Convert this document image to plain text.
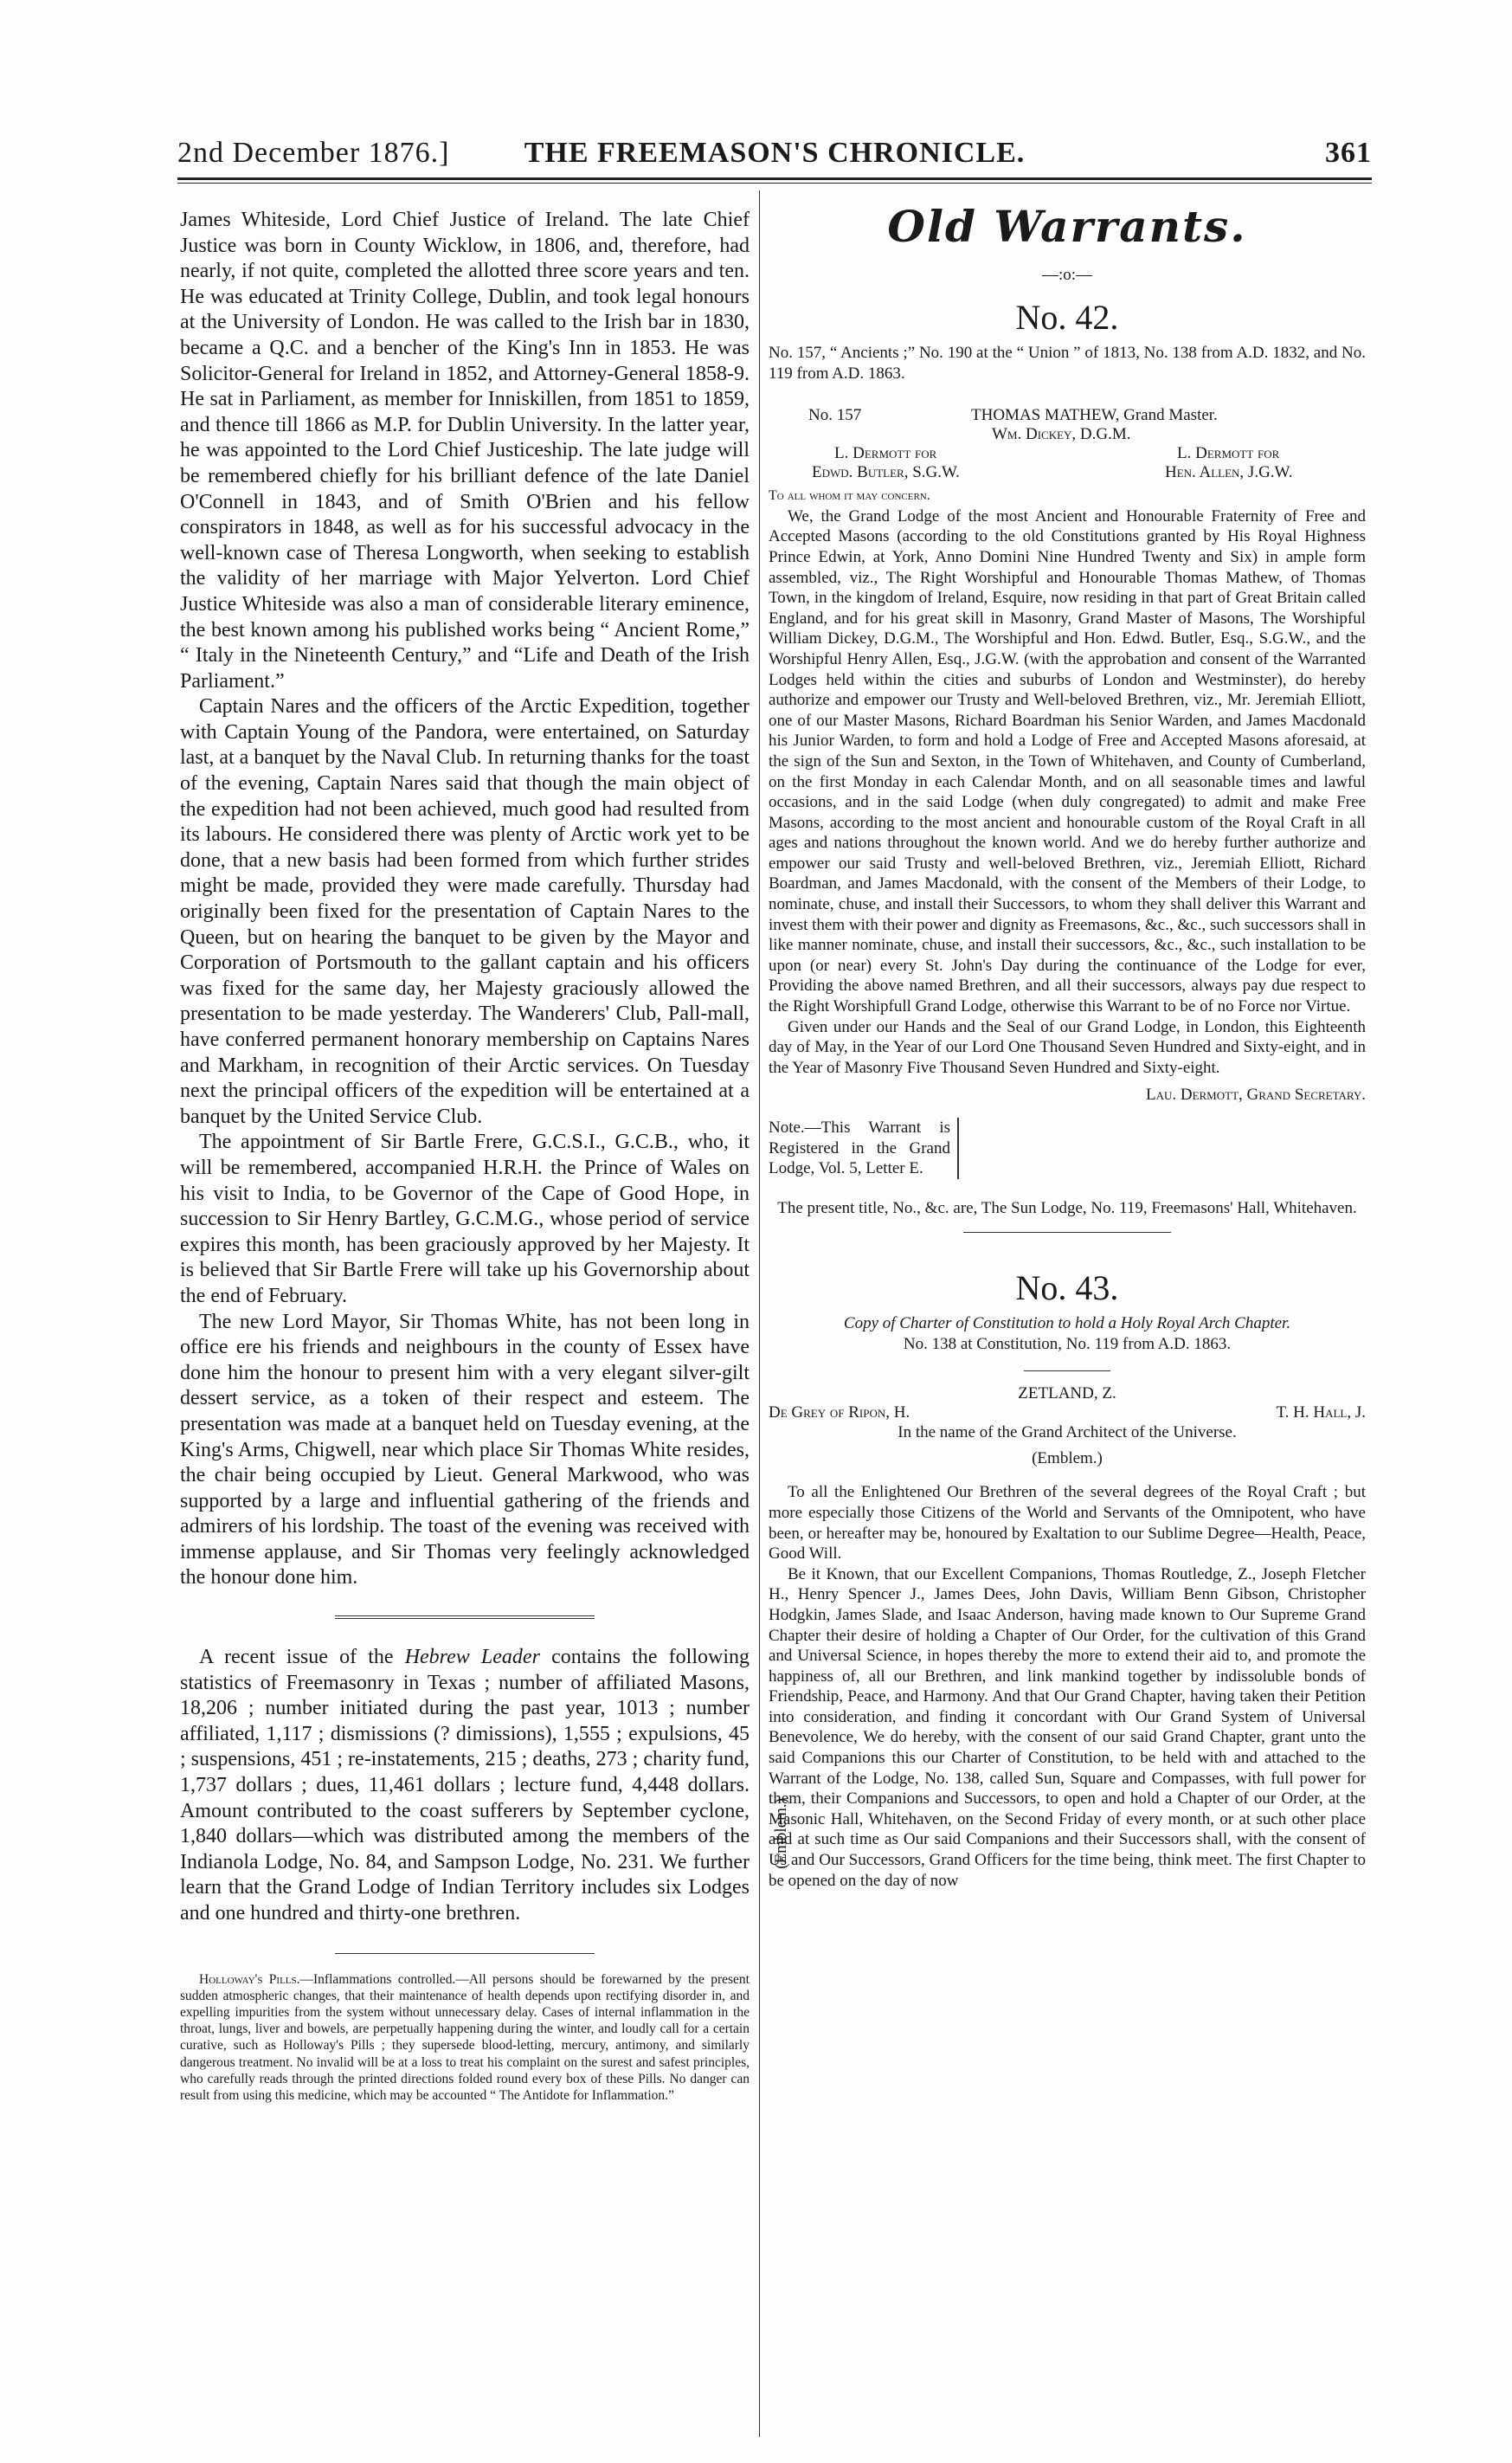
2nd December 1876.]	THE FREEMASON'S CHRONICLE.	361

James Whiteside, Lord Chief Justice of Ireland. The late Chief Justice was born in County Wicklow, in 1806, and, therefore, had nearly, if not quite, completed the allotted three score years and ten. He was educated at Trinity College, Dublin, and took legal honours at the University of London. He was called to the Irish bar in 1830, became a Q.C. and a bencher of the King's Inn in 1853. He was Solicitor-General for Ireland in 1852, and Attorney-General 1858-9. He sat in Parliament, as member for Inniskillen, from 1851 to 1859, and thence till 1866 as M.P. for Dublin University. In the latter year, he was appointed to the Lord Chief Justiceship. The late judge will be remembered chiefly for his brilliant defence of the late Daniel O'Connell in 1843, and of Smith O'Brien and his fellow conspirators in 1848, as well as for his successful advocacy in the well-known case of Theresa Longworth, when seeking to establish the validity of her marriage with Major Yelverton. Lord Chief Justice Whiteside was also a man of considerable literary eminence, the best known among his published works being “ Ancient Rome,” “ Italy in the Nineteenth Century,” and “Life and Death of the Irish Parliament.”

Captain Nares and the officers of the Arctic Expedition, together with Captain Young of the Pandora, were entertained, on Saturday last, at a banquet by the Naval Club. In returning thanks for the toast of the evening, Captain Nares said that though the main object of the expedition had not been achieved, much good had resulted from its labours. He considered there was plenty of Arctic work yet to be done, that a new basis had been formed from which further strides might be made, provided they were made carefully. Thursday had originally been fixed for the presentation of Captain Nares to the Queen, but on hearing the banquet to be given by the Mayor and Corporation of Portsmouth to the gallant captain and his officers was fixed for the same day, her Majesty graciously allowed the presentation to be made yesterday. The Wanderers' Club, Pall-mall, have conferred permanent honorary membership on Captains Nares and Markham, in recognition of their Arctic services. On Tuesday next the principal officers of the expedition will be entertained at a banquet by the United Service Club.

The appointment of Sir Bartle Frere, G.C.S.I., G.C.B., who, it will be remembered, accompanied H.R.H. the Prince of Wales on his visit to India, to be Governor of the Cape of Good Hope, in succession to Sir Henry Bartley, G.C.M.G., whose period of service expires this month, has been graciously approved by her Majesty. It is believed that Sir Bartle Frere will take up his Governorship about the end of February.

The new Lord Mayor, Sir Thomas White, has not been long in office ere his friends and neighbours in the county of Essex have done him the honour to present him with a very elegant silver-gilt dessert service, as a token of their respect and esteem. The presentation was made at a banquet held on Tuesday evening, at the King's Arms, Chigwell, near which place Sir Thomas White resides, the chair being occupied by Lieut. General Markwood, who was supported by a large and influential gathering of the friends and admirers of his lordship. The toast of the evening was received with immense applause, and Sir Thomas very feelingly acknowledged the honour done him.

A recent issue of the Hebrew Leader contains the following statistics of Freemasonry in Texas ; number of affiliated Masons, 18,206 ; number initiated during the past year, 1013 ; number affiliated, 1,117 ; dismissions (? dimissions), 1,555 ; expulsions, 45 ; suspensions, 451 ; re-instatements, 215 ; deaths, 273 ; charity fund, 1,737 dollars ; dues, 11,461 dollars ; lecture fund, 4,448 dollars. Amount contributed to the coast sufferers by September cyclone, 1,840 dollars—which was distributed among the members of the Indianola Lodge, No. 84, and Sampson Lodge, No. 231. We further learn that the Grand Lodge of Indian Territory includes six Lodges and one hundred and thirty-one brethren.

Holloway's Pills.—Inflammations controlled.—All persons should be forewarned by the present sudden atmospheric changes, that their maintenance of health depends upon rectifying disorder in, and expelling impurities from the system without unnecessary delay. Cases of internal inflammation in the throat, lungs, liver and bowels, are perpetually happening during the winter, and loudly call for a certain curative, such as Holloway's Pills ; they supersede blood-letting, mercury, antimony, and similarly dangerous treatment. No invalid will be at a loss to treat his complaint on the surest and safest principles, who carefully reads through the printed directions folded round every box of these Pills. No danger can result from using this medicine, which may be accounted “ The Antidote for Inflammation.”

Old Warrants.
—:o:—
No. 42.

No. 157, “ Ancients ;” No. 190 at the “ Union ” of 1813, No. 138 from A.D. 1832, and No. 119 from A.D. 1863.

No. 157	THOMAS MATHEW, Grand Master.
Wm. Dickey, D.G.M.
L. Dermott for	L. Dermott for
Edwd. Butler, S.G.W.	Hen. Allen, J.G.W.

To all whom it may concern.

We, the Grand Lodge of the most Ancient and Honourable Fraternity of Free and Accepted Masons (according to the old Constitutions granted by His Royal Highness Prince Edwin, at York, Anno Domini Nine Hundred Twenty and Six) in ample form assembled, viz., The Right Worshipful and Honourable Thomas Mathew, of Thomas Town, in the kingdom of Ireland, Esquire, now residing in that part of Great Britain called England, and for his great skill in Masonry, Grand Master of Masons, The Worshipful William Dickey, D.G.M., The Worshipful and Hon. Edwd. Butler, Esq., S.G.W., and the Worshipful Henry Allen, Esq., J.G.W. (with the approbation and consent of the Warranted Lodges held within the cities and suburbs of London and Westminster), do hereby authorize and empower our Trusty and Well-beloved Brethren, viz., Mr. Jeremiah Elliott, one of our Master Masons, Richard Boardman his Senior Warden, and James Macdonald his Junior Warden, to form and hold a Lodge of Free and Accepted Masons aforesaid, at the sign of the Sun and Sexton, in the Town of Whitehaven, and County of Cumberland, on the first Monday in each Calendar Month, and on all seasonable times and lawful occasions, and in the said Lodge (when duly congregated) to admit and make Free Masons, according to the most ancient and honourable custom of the Royal Craft in all ages and nations throughout the known world. And we do hereby further authorize and empower our said Trusty and well-beloved Brethren, viz., Jeremiah Elliott, Richard Boardman, and James Macdonald, with the consent of the Members of their Lodge, to nominate, chuse, and install their Successors, to whom they shall deliver this Warrant and invest them with their power and dignity as Freemasons, &c., &c., such successors shall in like manner nominate, chuse, and install their successors, &c., &c., such installation to be upon (or near) every St. John's Day during the continuance of the Lodge for ever, Providing the above named Brethren, and all their successors, always pay due respect to the Right Worshipfull Grand Lodge, otherwise this Warrant to be of no Force nor Virtue.

Given under our Hands and the Seal of our Grand Lodge, in London, this Eighteenth day of May, in the Year of our Lord One Thousand Seven Hundred and Sixty-eight, and in the Year of Masonry Five Thousand Seven Hundred and Sixty-eight.

Lau. Dermott, Grand Secretary.

Note.—This Warrant is Registered in the Grand Lodge, Vol. 5, Letter E.

The present title, No., &c. are, The Sun Lodge, No. 119, Freemasons' Hall, Whitehaven.

No. 43.

Copy of Charter of Constitution to hold a Holy Royal Arch Chapter.

No. 138 at Constitution, No. 119 from A.D. 1863.

ZETLAND, Z.

De Grey of Ripon, H.	T. H. Hall, J.

In the name of the Grand Architect of the Universe.

(Emblem.)

To all the Enlightened Our Brethren of the several degrees of the Royal Craft ; but more especially those Citizens of the World and Servants of the Omnipotent, who have been, or hereafter may be, honoured by Exaltation to our Sublime Degree—Health, Peace, Good Will.

(Emblem.)

Be it Known, that our Excellent Companions, Thomas Routledge, Z., Joseph Fletcher H., Henry Spencer J., James Dees, John Davis, William Benn Gibson, Christopher Hodgkin, James Slade, and Isaac Anderson, having made known to Our Supreme Grand Chapter their desire of holding a Chapter of Our Order, for the cultivation of this Grand and Universal Science, in hopes thereby the more to extend their aid to, and promote the happiness of, all our Brethren, and link mankind together by indissoluble bonds of Friendship, Peace, and Harmony. And that Our Grand Chapter, having taken their Petition into consideration, and finding it concordant with Our Grand System of Universal Benevolence, We do hereby, with the consent of our said Grand Chapter, grant unto the said Companions this our Charter of Constitution, to be held with and attached to the Warrant of the Lodge, No. 138, called Sun, Square and Compasses, with full power for them, their Companions and Successors, to open and hold a Chapter of our Order, at the Masonic Hall, Whitehaven, on the Second Friday of every month, or at such other place and at such time as Our said Companions and their Successors shall, with the consent of Us and Our Successors, Grand Officers for the time being, think meet. The first Chapter to be opened on the day of now
